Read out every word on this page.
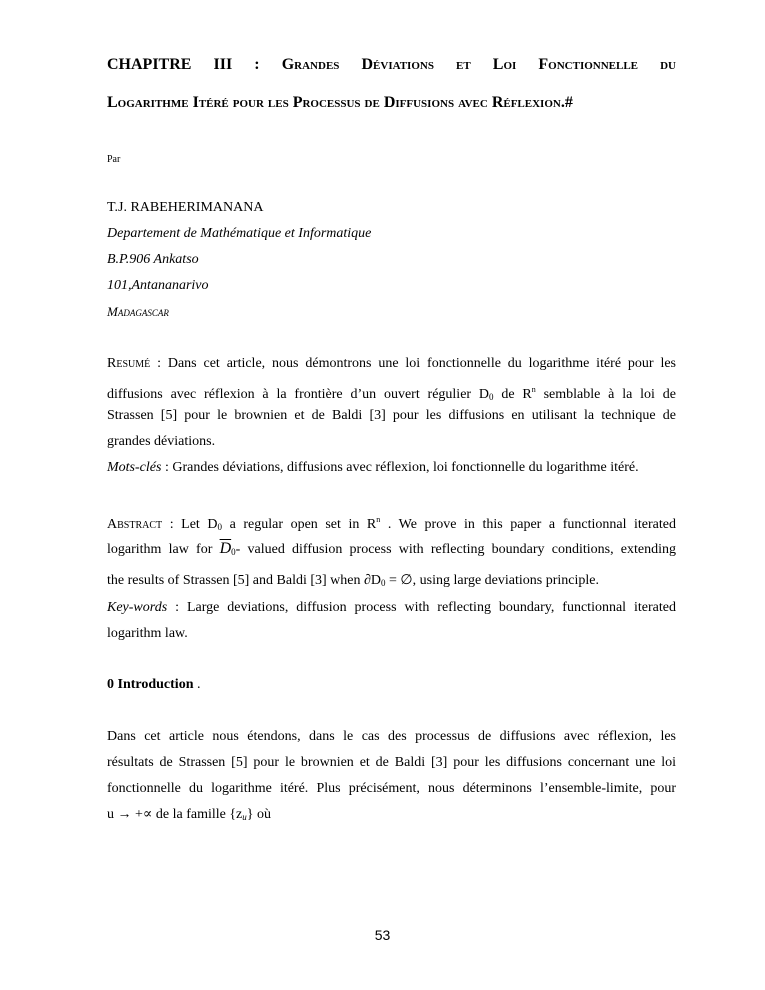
CHAPITRE III : Grandes Déviations et Loi Fonctionnelle du
Logarithme Itéré pour les Processus de Diffusions avec Réflexion.#
Par
T.J. RABEHERIMANANA
Departement de Mathématique et Informatique
B.P.906 Ankatso
101,Antananarivo
Madagascar
Resumé : Dans cet article, nous démontrons une loi fonctionnelle du logarithme itéré pour les
diffusions avec réflexion à la frontière d’un ouvert régulier $D_0$ de $R^n$ semblable à la loi de
Strassen [5] pour le brownien et de Baldi [3] pour les diffusions en utilisant la technique de
grandes déviations.
Mots-clés : Grandes déviations, diffusions avec réflexion, loi fonctionnelle du logarithme itéré.
Abstract : Let $D_0$ a regular open set in $R^n$ . We prove in this paper a functionnal iterated
logarithm law for $\overline{D}_0-$ valued diffusion process with reflecting boundary conditions, extending
the results of Strassen [5] and Baldi [3] when $\partial D_0$ = ∅, using large deviations principle.
Key-words : Large deviations, diffusion process with reflecting boundary, functionnal iterated
logarithm law.
0 Introduction .
Dans cet article nous étendons, dans le cas des processus de diffusions avec réflexion, les
résultats de Strassen [5] pour le brownien et de Baldi [3] pour les diffusions concernant une loi
fonctionnelle du logarithme itéré. Plus précisément, nous déterminons l’ensemble-limite, pour
u → +∝ de la famille $\{z_u\}$ où
53
